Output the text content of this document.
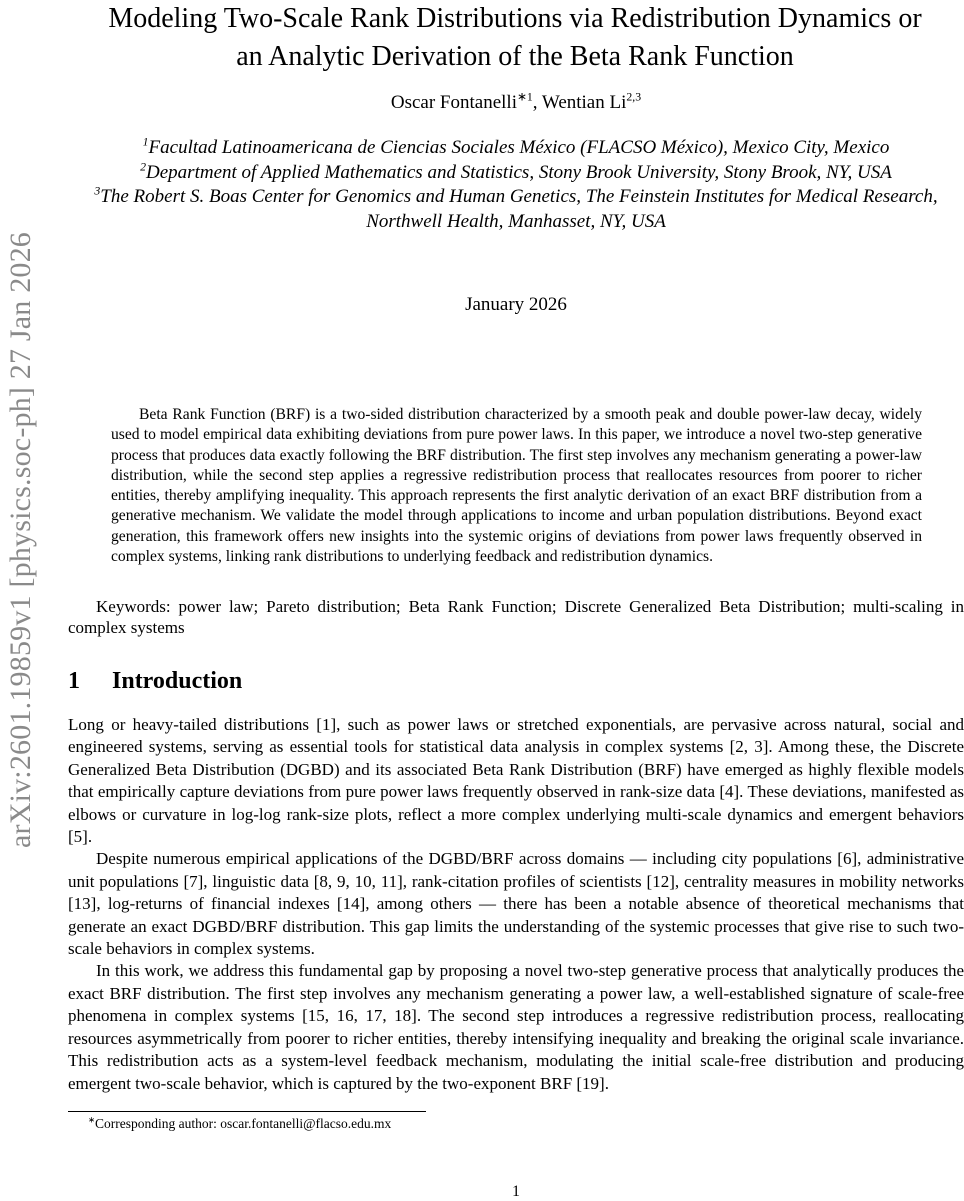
arXiv:2601.19859v1 [physics.soc-ph] 27 Jan 2026
Modeling Two-Scale Rank Distributions via Redistribution Dynamics or
an Analytic Derivation of the Beta Rank Function
Oscar Fontanelli$^{∗1}$, Wentian Li$^{2,3}$

$^1$Facultad Latinoamericana de Ciencias Sociales México (FLACSO México), Mexico City, Mexico

$^2$Department of Applied Mathematics and Statistics, Stony Brook University, Stony Brook, NY, USA

$^3$The Robert S. Boas Center for Genomics and Human Genetics, The Feinstein Institutes for Medical Research, Northwell Health, Manhasset, NY, USA

January 2026

Beta Rank Function (BRF) is a two-sided distribution characterized by a smooth peak and double power-law decay, widely used to model empirical data exhibiting deviations from pure power laws. In this paper, we introduce a novel two-step generative process that produces data exactly following the BRF distribution. The first step involves any mechanism generating a power-law distribution, while the second step applies a regressive redistribution process that reallocates resources from poorer to richer entities, thereby amplifying inequality. This approach represents the first analytic derivation of an exact BRF distribution from a generative mechanism. We validate the model through applications to income and urban population distributions. Beyond exact generation, this framework offers new insights into the systemic origins of deviations from power laws frequently observed in complex systems, linking rank distributions to underlying feedback and redistribution dynamics.

Keywords: power law; Pareto distribution; Beta Rank Function; Discrete Generalized Beta Distribution; multi-scaling in complex systems

1 Introduction

Long or heavy-tailed distributions [1], such as power laws or stretched exponentials, are pervasive across natural, social and engineered systems, serving as essential tools for statistical data analysis in complex systems [2, 3]. Among these, the Discrete Generalized Beta Distribution (DGBD) and its associated Beta Rank Distribution (BRF) have emerged as highly flexible models that empirically capture deviations from pure power laws frequently observed in rank-size data [4]. These deviations, manifested as elbows or curvature in log-log rank-size plots, reflect a more complex underlying multi-scale dynamics and emergent behaviors [5].

Despite numerous empirical applications of the DGBD/BRF across domains — including city populations [6], administrative unit populations [7], linguistic data [8, 9, 10, 11], rank-citation profiles of scientists [12], centrality measures in mobility networks [13], log-returns of financial indexes [14], among others — there has been a notable absence of theoretical mechanisms that generate an exact DGBD/BRF distribution. This gap limits the understanding of the systemic processes that give rise to such two-scale behaviors in complex systems.

In this work, we address this fundamental gap by proposing a novel two-step generative process that analytically produces the exact BRF distribution. The first step involves any mechanism generating a power law, a well-established signature of scale-free phenomena in complex systems [15, 16, 17, 18]. The second step introduces a regressive redistribution process, reallocating resources asymmetrically from poorer to richer entities, thereby intensifying inequality and breaking the original scale invariance. This redistribution acts as a system-level feedback mechanism, modulating the initial scale-free distribution and producing emergent two-scale behavior, which is captured by the two-exponent BRF [19].

∗Corresponding author: oscar.fontanelli@flacso.edu.mx
1
